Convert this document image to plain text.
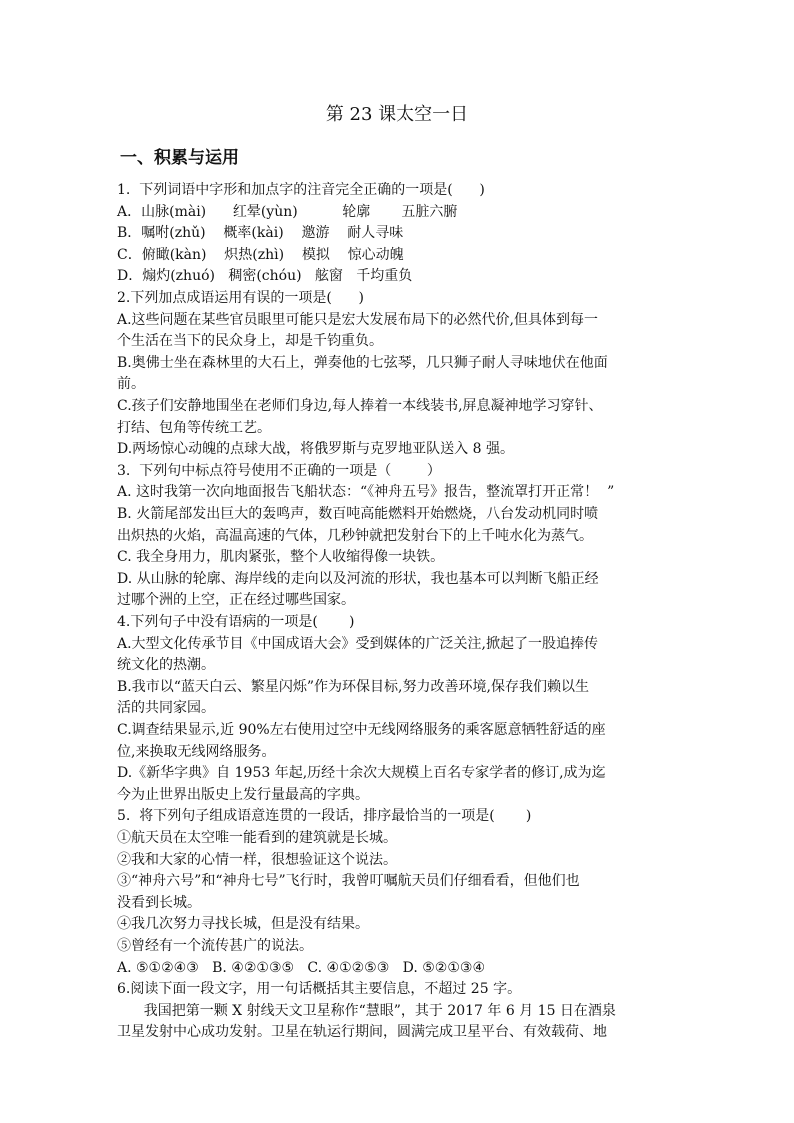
第 23 课太空一日
一、积累与运用
1.  下列词语中字形和加点字的注音完全正确的一项是(      )
A．山脉(mài)      红晕(yùn)          轮廓       五脏六腑
B．嘱咐(zhǔ)    概率(kài)    邀游    耐人寻味
C．俯瞰(kàn)    炽热(zhì)    模拟    惊心动魄
D．煽灼(zhuó)   稠密(chóu)   舷窗   千均重负
2.下列加点成语运用有误的一项是(      )
A.这些问题在某些官员眼里可能只是宏大发展布局下的必然代价,但具体到每一
个生活在当下的民众身上，却是千钧重负。
B.奥佛士坐在森林里的大石上，弹奏他的七弦琴，几只狮子耐人寻味地伏在他面
前。
C.孩子们安静地围坐在老师们身边,每人捧着一本线装书,屏息凝神地学习穿针、
打结、包角等传统工艺。
D.两场惊心动魄的点球大战，将俄罗斯与克罗地亚队送入 8 强。
3.  下列句中标点符号使用不正确的一项是（        ）
A. 这时我第一次向地面报告飞船状态：“《神舟五号》报告，整流罩打开正常！  ”
B. 火箭尾部发出巨大的轰鸣声，数百吨高能燃料开始燃烧，八台发动机同时喷
出炽热的火焰，高温高速的气体，几秒钟就把发射台下的上千吨水化为蒸气。
C. 我全身用力，肌肉紧张，整个人收缩得像一块铁。
D. 从山脉的轮廓、海岸线的走向以及河流的形状，我也基本可以判断飞船正经
过哪个洲的上空，正在经过哪些国家。
4.下列句子中没有语病的一项是(       )
A.大型文化传承节目《中国成语大会》受到媒体的广泛关注,掀起了一股追捧传
统文化的热潮。
B.我市以“蓝天白云、繁星闪烁”作为环保目标,努力改善环境,保存我们赖以生
活的共同家园。
C.调查结果显示,近 90%左右使用过空中无线网络服务的乘客愿意牺牲舒适的座
位,来换取无线网络服务。
D.《新华字典》自 1953 年起,历经十余次大规模上百名专家学者的修订,成为迄
今为止世界出版史上发行量最高的字典。
5.  将下列句子组成语意连贯的一段话，排序最恰当的一项是(       )
①航天员在太空唯一能看到的建筑就是长城。
②我和大家的心情一样，很想验证这个说法。
③“神舟六号”和“神舟七号”飞行时，我曾叮嘱航天员们仔细看看，但他们也
没看到长城。
④我几次努力寻找长城，但是没有结果。
⑤曾经有一个流传甚广的说法。
A. ⑤①②④③   B. ④②①③⑤   C. ④①②⑤③   D. ⑤②①③④
6.阅读下面一段文字，用一句话概括其主要信息，不超过 25 字。
我国把第一颗 X 射线天文卫星称作“慧眼”，其于 2017 年 6 月 15 日在酒泉
卫星发射中心成功发射。卫星在轨运行期间，圆满完成卫星平台、有效载荷、地
